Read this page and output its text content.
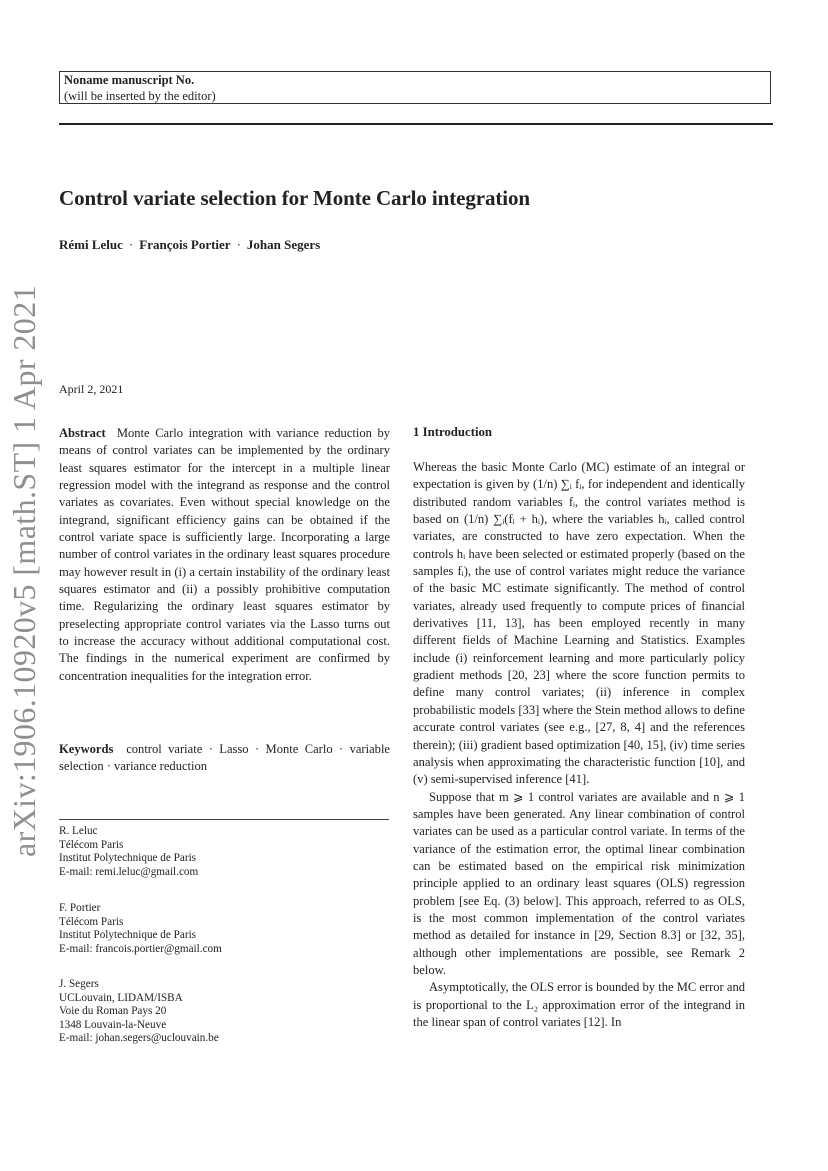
Noname manuscript No.
(will be inserted by the editor)
Control variate selection for Monte Carlo integration
Rémi Leluc · François Portier · Johan Segers
arXiv:1906.10920v5 [math.ST] 1 Apr 2021 April 2, 2021
Abstract Monte Carlo integration with variance reduction by means of control variates can be implemented by the ordinary least squares estimator for the intercept in a multiple linear regression model with the integrand as response and the control variates as covariates. Even without special knowledge on the integrand, significant efficiency gains can be obtained if the control variate space is sufficiently large. Incorporating a large number of control variates in the ordinary least squares procedure may however result in (i) a certain instability of the ordinary least squares estimator and (ii) a possibly prohibitive computation time. Regularizing the ordinary least squares estimator by preselecting appropriate control variates via the Lasso turns out to increase the accuracy without additional computational cost. The findings in the numerical experiment are confirmed by concentration inequalities for the integration error.
Keywords control variate · Lasso · Monte Carlo · variable selection · variance reduction
R. Leluc
Télécom Paris
Institut Polytechnique de Paris
E-mail: remi.leluc@gmail.com
F. Portier
Télécom Paris
Institut Polytechnique de Paris
E-mail: francois.portier@gmail.com
J. Segers
UCLouvain, LIDAM/ISBA
Voie du Roman Pays 20
1348 Louvain-la-Neuve
E-mail: johan.segers@uclouvain.be
1 Introduction

Whereas the basic Monte Carlo (MC) estimate of an integral or expectation is given by (1/n) ∑ᵢ fᵢ, for independent and identically distributed random variables fᵢ, the control variates method is based on (1/n) ∑ᵢ(fᵢ + hᵢ), where the variables hᵢ, called control variates, are constructed to have zero expectation. When the controls hᵢ have been selected or estimated properly (based on the samples fᵢ), the use of control variates might reduce the variance of the basic MC estimate significantly. The method of control variates, already used frequently to compute prices of financial derivatives [11, 13], has been employed recently in many different fields of Machine Learning and Statistics. Examples include (i) reinforcement learning and more particularly policy gradient methods [20, 23] where the score function permits to define many control variates; (ii) inference in complex probabilistic models [33] where the Stein method allows to define accurate control variates (see e.g., [27, 8, 4] and the references therein); (iii) gradient based optimization [40, 15], (iv) time series analysis when approximating the characteristic function [10], and (v) semi-supervised inference [41].

Suppose that m ⩾ 1 control variates are available and n ⩾ 1 samples have been generated. Any linear combination of control variates can be used as a particular control variate. In terms of the variance of the estimation error, the optimal linear combination can be estimated based on the empirical risk minimization principle applied to an ordinary least squares (OLS) regression problem [see Eq. (3) below]. This approach, referred to as OLS, is the most common implementation of the control variates method as detailed for instance in [29, Section 8.3] or [32, 35], although other implementations are possible, see Remark 2 below.

Asymptotically, the OLS error is bounded by the MC error and is proportional to the L₂ approximation error of the integrand in the linear span of control variates [12]. In
